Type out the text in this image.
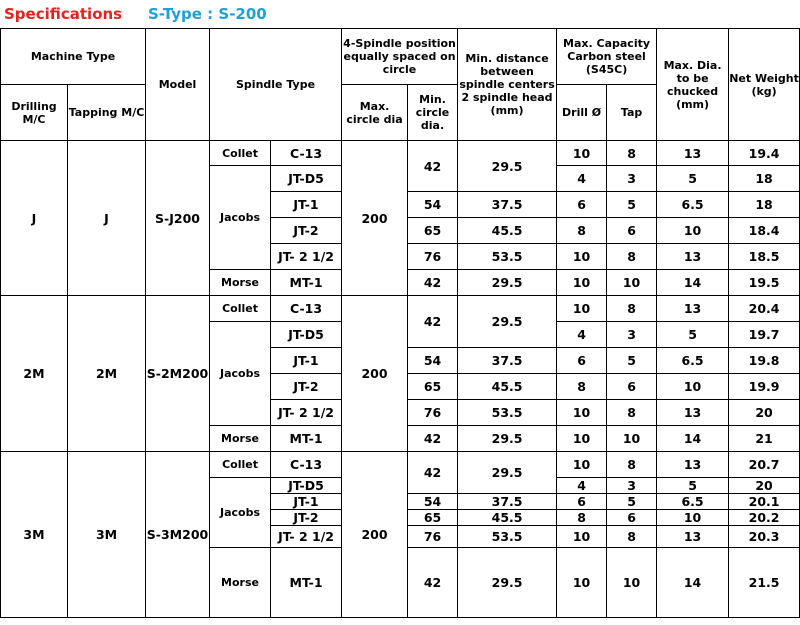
Specifications S-Type : S-200
Machine Type		Model	Spindle Type		4-Spindle position equally spaced on circle		Min. distance between spindle centers 2 spindle head (mm)	Max. Capacity Carbon steel (S45C)		Max. Dia. to be chucked (mm)	Net Weight (kg)
Drilling M/C	Tapping M/C				Max. circle dia	Min. circle dia.		Drill Ø	Tap		
J	J	S-J200	Collet	C-13	200	42	29.5	10	8	13	19.4
			Jacobs	JT-D5				4	3	5	18
				JT-1		54	37.5	6	5	6.5	18
				JT-2		65	45.5	8	6	10	18.4
				JT- 2 1/2		76	53.5	10	8	13	18.5
			Morse	MT-1		42	29.5	10	10	14	19.5
2M	2M	S-2M200	Collet	C-13	200	42	29.5	10	8	13	20.4
			Jacobs	JT-D5				4	3	5	19.7
				JT-1		54	37.5	6	5	6.5	19.8
				JT-2		65	45.5	8	6	10	19.9
				JT- 2 1/2		76	53.5	10	8	13	20
			Morse	MT-1		42	29.5	10	10	14	21
3M	3M	S-3M200	Collet	C-13	200	42	29.5	10	8	13	20.7
			Jacobs	JT-D5				4	3	5	20
				JT-1		54	37.5	6	5	6.5	20.1
				JT-2		65	45.5	8	6	10	20.2
				JT- 2 1/2		76	53.5	10	8	13	20.3
			Morse	MT-1		42	29.5	10	10	14	21.5
